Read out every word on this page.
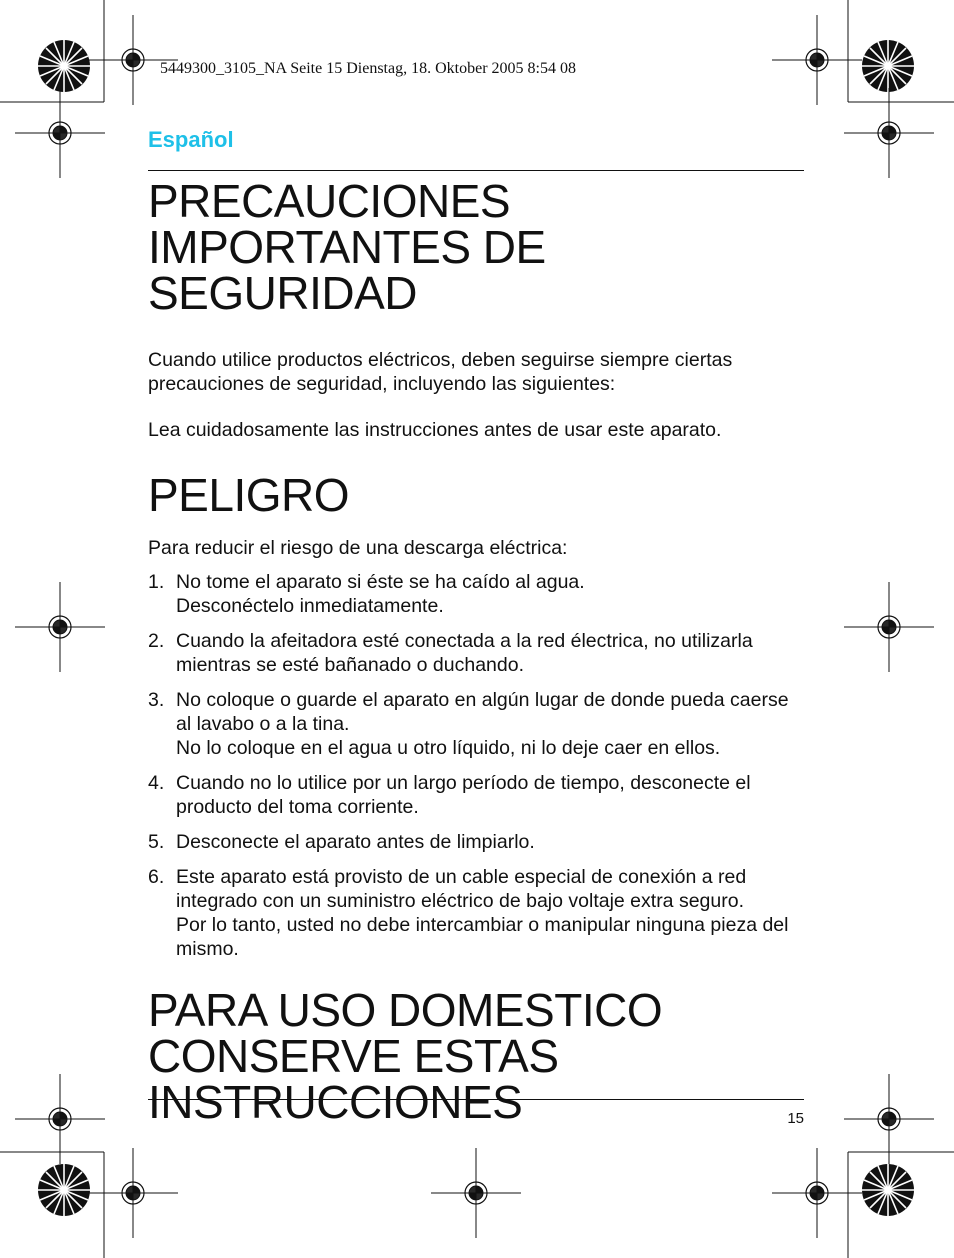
5449300_3105_NA Seite 15 Dienstag, 18. Oktober 2005 8:54 08
Español
PRECAUCIONES
IMPORTANTES DE SEGURIDAD

Cuando utilice productos eléctricos, deben seguirse siempre ciertas precauciones de seguridad, incluyendo las siguientes:

Lea cuidadosamente las instrucciones antes de usar este aparato.

PELIGRO

Para reducir el riesgo de una descarga eléctrica:

1. No tome el aparato si éste se ha caído al agua.
Desconéctelo inmediatamente.
2. Cuando la afeitadora esté conectada a la red électrica, no utilizarla mientras se esté bañanado o duchando.
3. No coloque o guarde el aparato en algún lugar de donde pueda caerse al lavabo o a la tina.
No lo coloque en el agua u otro líquido, ni lo deje caer en ellos.
4. Cuando no lo utilice por un largo período de tiempo, desconecte el producto del toma corriente.
5. Desconecte el aparato antes de limpiarlo.
6. Este aparato está provisto de un cable especial de conexión a red integrado con un suministro eléctrico de bajo voltaje extra seguro.
Por lo tanto, usted no debe intercambiar o manipular ninguna pieza del mismo.
PARA USO DOMESTICO
CONSERVE ESTAS
INSTRUCCIONES	15
